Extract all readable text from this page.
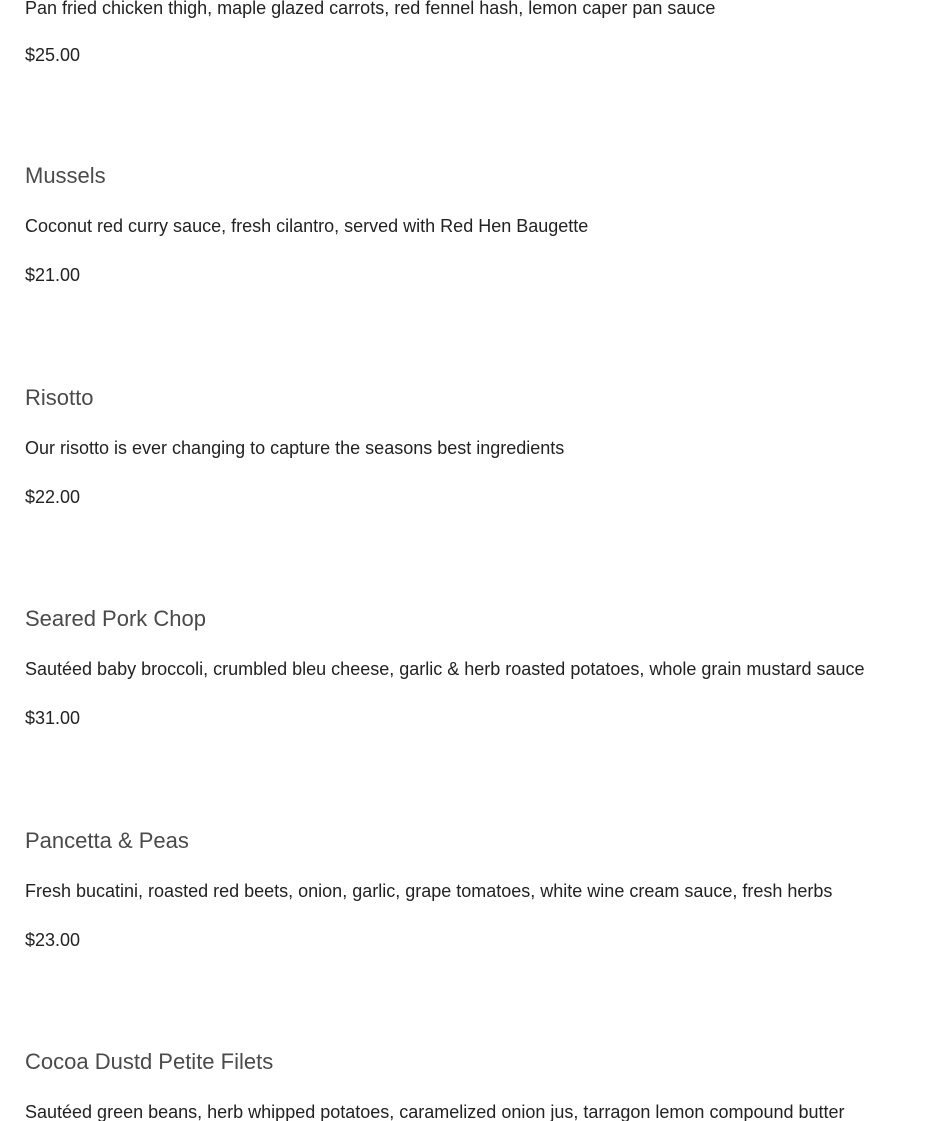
Pan fried chicken thigh, maple glazed carrots, red fennel hash, lemon caper pan sauce
$25.00
Mussels
Coconut red curry sauce, fresh cilantro, served with Red Hen Baugette
$21.00
Risotto
Our risotto is ever changing to capture the seasons best ingredients
$22.00
Seared Pork Chop
Sautéed baby broccoli, crumbled bleu cheese, garlic & herb roasted potatoes, whole grain mustard sauce
$31.00
Pancetta & Peas
Fresh bucatini, roasted red beets, onion, garlic, grape tomatoes, white wine cream sauce, fresh herbs
$23.00
Cocoa Dustd Petite Filets
Sautéed green beans, herb whipped potatoes, caramelized onion jus, tarragon lemon compound butter
